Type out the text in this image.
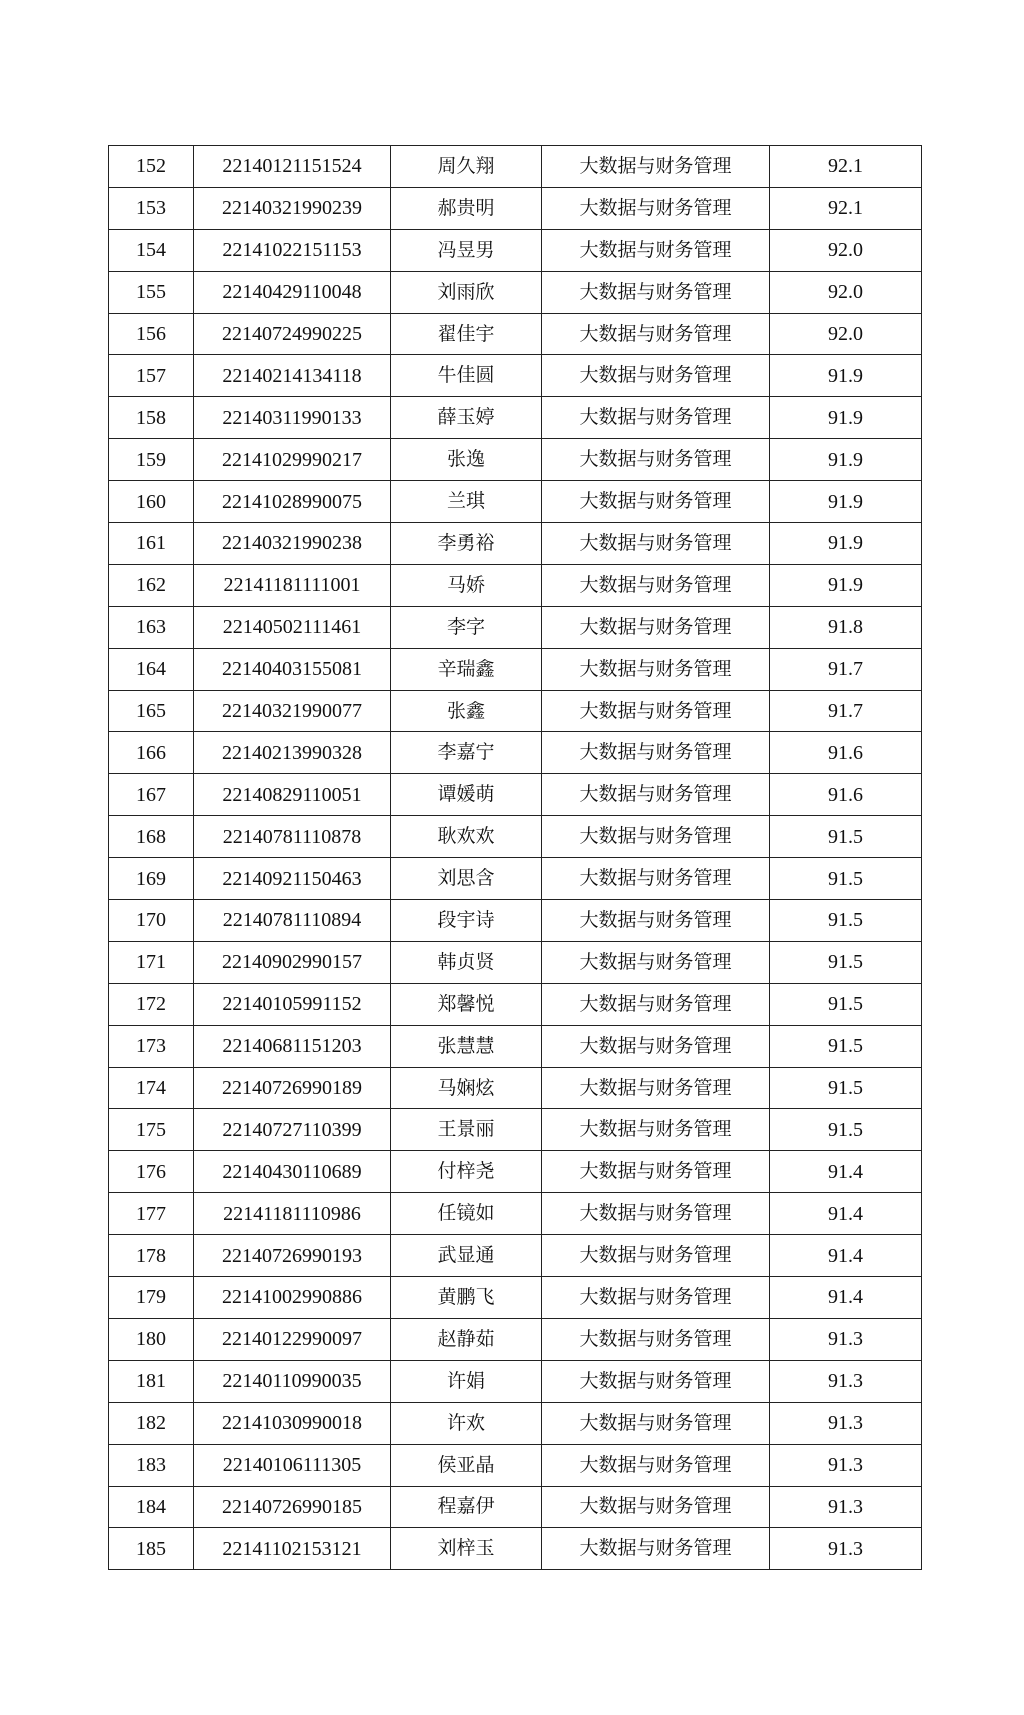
152	22140121151524	周久翔	大数据与财务管理	92.1
153	22140321990239	郝贵明	大数据与财务管理	92.1
154	22141022151153	冯昱男	大数据与财务管理	92.0
155	22140429110048	刘雨欣	大数据与财务管理	92.0
156	22140724990225	翟佳宇	大数据与财务管理	92.0
157	22140214134118	牛佳圆	大数据与财务管理	91.9
158	22140311990133	薛玉婷	大数据与财务管理	91.9
159	22141029990217	张逸	大数据与财务管理	91.9
160	22141028990075	兰琪	大数据与财务管理	91.9
161	22140321990238	李勇裕	大数据与财务管理	91.9
162	22141181111001	马娇	大数据与财务管理	91.9
163	22140502111461	李字	大数据与财务管理	91.8
164	22140403155081	辛瑞鑫	大数据与财务管理	91.7
165	22140321990077	张鑫	大数据与财务管理	91.7
166	22140213990328	李嘉宁	大数据与财务管理	91.6
167	22140829110051	谭媛萌	大数据与财务管理	91.6
168	22140781110878	耿欢欢	大数据与财务管理	91.5
169	22140921150463	刘思含	大数据与财务管理	91.5
170	22140781110894	段宇诗	大数据与财务管理	91.5
171	22140902990157	韩贞贤	大数据与财务管理	91.5
172	22140105991152	郑馨悦	大数据与财务管理	91.5
173	22140681151203	张慧慧	大数据与财务管理	91.5
174	22140726990189	马娴炫	大数据与财务管理	91.5
175	22140727110399	王景丽	大数据与财务管理	91.5
176	22140430110689	付梓尧	大数据与财务管理	91.4
177	22141181110986	任镜如	大数据与财务管理	91.4
178	22140726990193	武显通	大数据与财务管理	91.4
179	22141002990886	黄鹏飞	大数据与财务管理	91.4
180	22140122990097	赵静茹	大数据与财务管理	91.3
181	22140110990035	许娟	大数据与财务管理	91.3
182	22141030990018	许欢	大数据与财务管理	91.3
183	22140106111305	侯亚晶	大数据与财务管理	91.3
184	22140726990185	程嘉伊	大数据与财务管理	91.3
185	22141102153121	刘梓玉	大数据与财务管理	91.3
